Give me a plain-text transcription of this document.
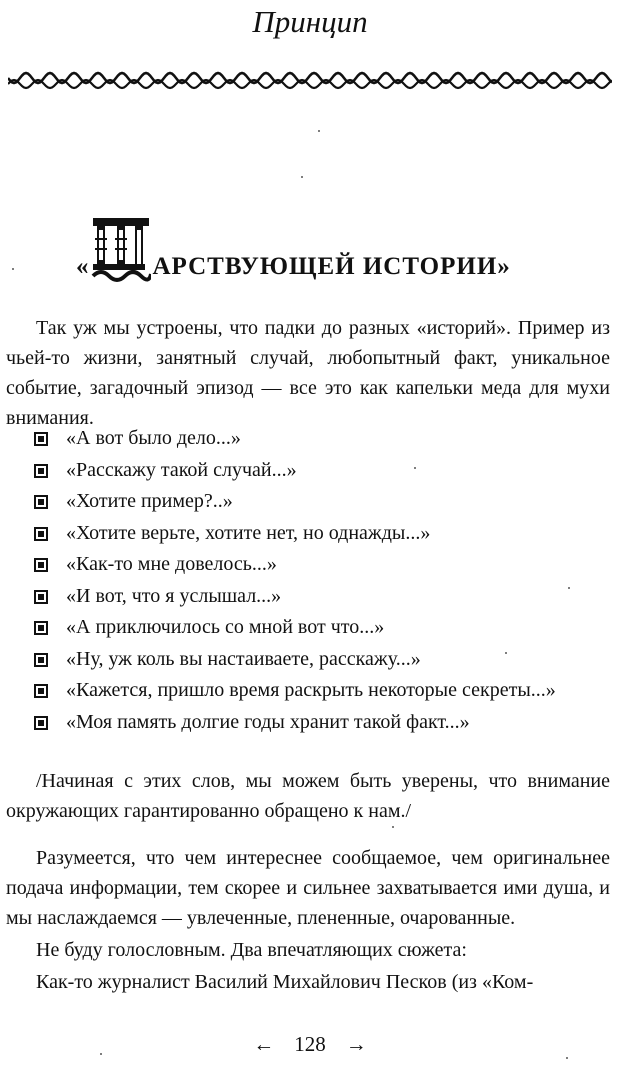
Принцип
«	АРСТВУЮЩЕЙ ИСТОРИИ »

Так уж мы устроены, что падки до разных «историй». Пример из чьей-то жизни, занятный случай, любопытный факт, уникальное событие, загадочный эпизод — все это как капельки меда для мухи внимания.

«А вот было дело...»
«Расскажу такой случай...»
«Хотите пример?..»
«Хотите верьте, хотите нет, но однажды...»
«Как-то мне довелось...»
«И вот, что я услышал...»
«А приключилось со мной вот что...»
«Ну, уж коль вы настаиваете, расскажу...»
«Кажется, пришло время раскрыть некоторые секреты...»
«Моя память долгие годы хранит такой факт...»

/Начиная с этих слов, мы можем быть уверены, что внимание окружающих гарантированно обращено к нам./

Разумеется, что чем интереснее сообщаемое, чем оригинальнее подача информации, тем скорее и сильнее захватывается ими душа, и мы наслаждаемся — увлеченные, плененные, очарованные.

Не буду голословным. Два впечатляющих сюжета:

Как-то журналист Василий Михайлович Песков (из «Ком-

← 128 →
